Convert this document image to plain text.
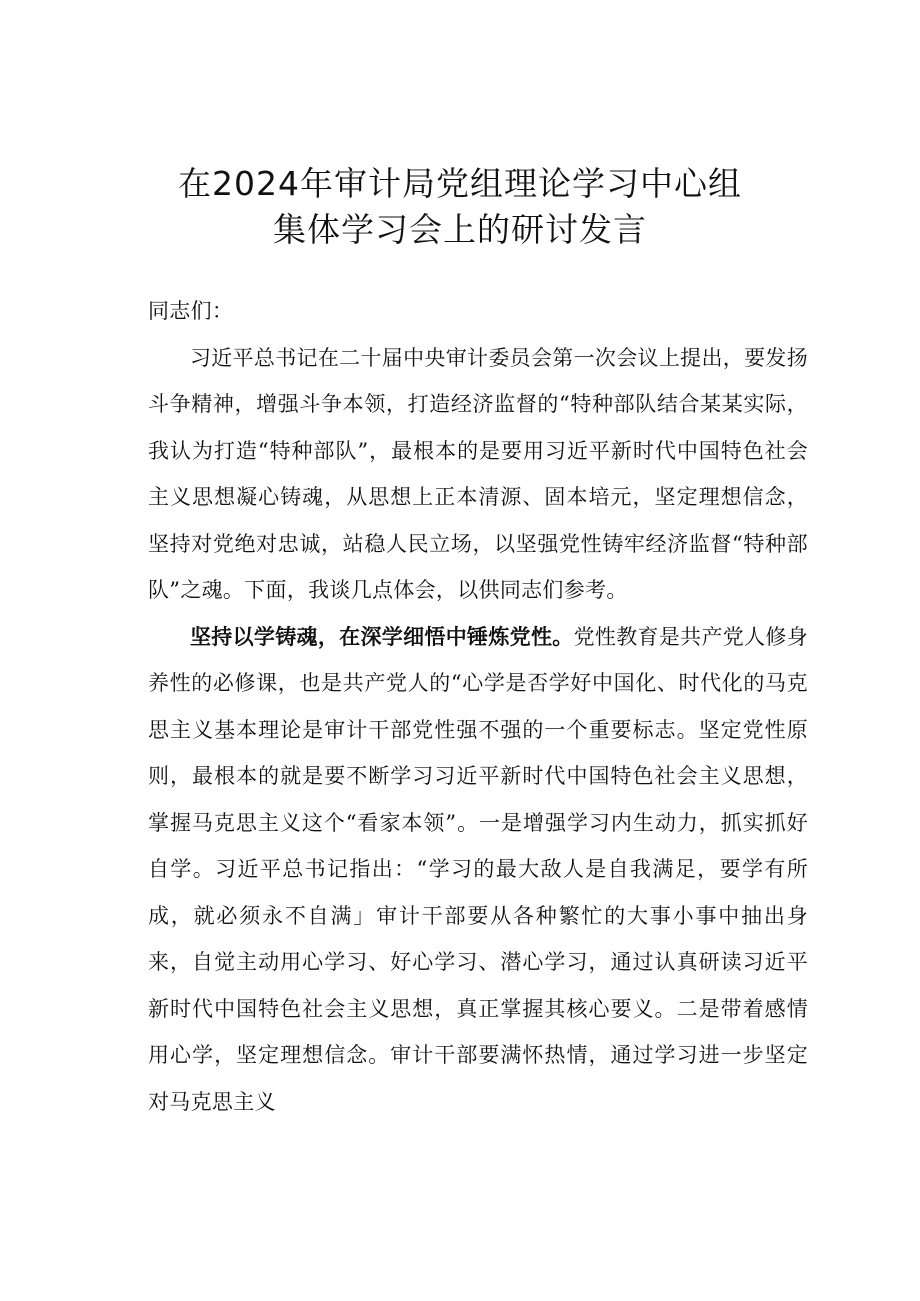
在2024年审计局党组理论学习中心组
集体学习会上的研讨发言

同志们：

习近平总书记在二十届中央审计委员会第一次会议上提出，要发扬斗争精神，增强斗争本领，打造经济监督的“特种部队结合某某实际，我认为打造“特种部队”，最根本的是要用习近平新时代中国特色社会主义思想凝心铸魂，从思想上正本清源、固本培元，坚定理想信念，坚持对党绝对忠诚，站稳人民立场，以坚强党性铸牢经济监督“特种部队”之魂。下面，我谈几点体会，以供同志们参考。

坚持以学铸魂，在深学细悟中锤炼党性。党性教育是共产党人修身养性的必修课，也是共产党人的“心学是否学好中国化、时代化的马克思主义基本理论是审计干部党性强不强的一个重要标志。坚定党性原则，最根本的就是要不断学习习近平新时代中国特色社会主义思想，掌握马克思主义这个“看家本领”。一是增强学习内生动力，抓实抓好自学。习近平总书记指出：“学习的最大敌人是自我满足，要学有所成，就必须永不自满」审计干部要从各种繁忙的大事小事中抽出身来，自觉主动用心学习、好心学习、潜心学习，通过认真研读习近平新时代中国特色社会主义思想，真正掌握其核心要义。二是带着感情用心学，坚定理想信念。审计干部要满怀热情，通过学习进一步坚定对马克思主义
